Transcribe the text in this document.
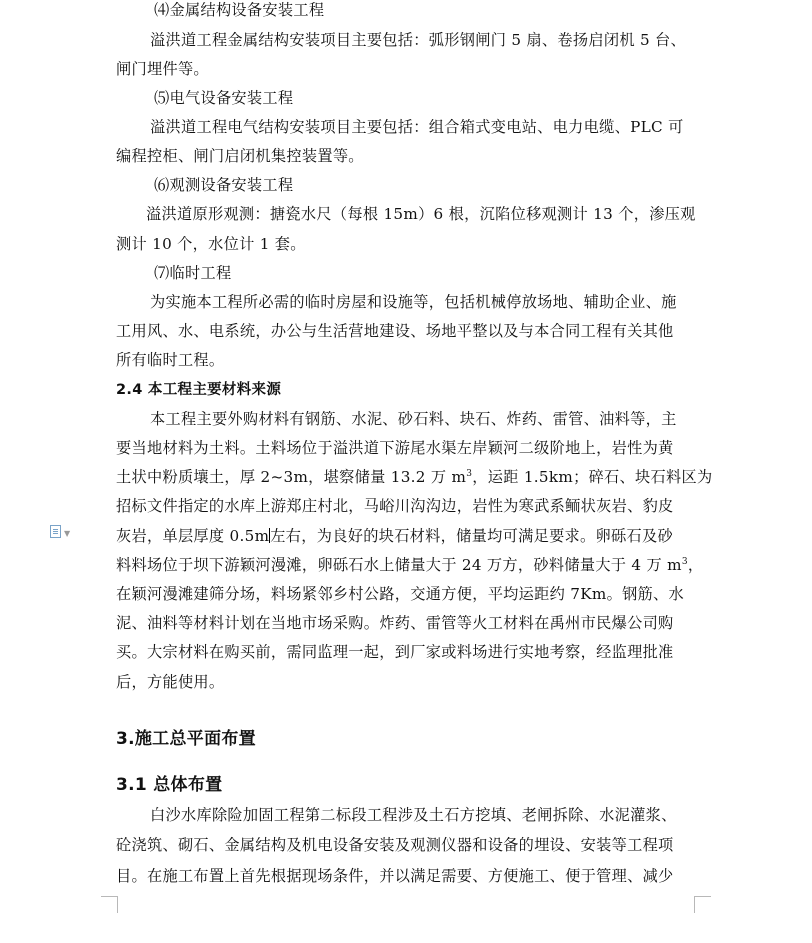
▼
⑷金属结构设备安装工程
溢洪道工程金属结构安装项目主要包括：弧形钢闸门 5 扇、卷扬启闭机 5 台、
闸门埋件等。
⑸电气设备安装工程
溢洪道工程电气结构安装项目主要包括：组合箱式变电站、电力电缆、PLC 可
编程控柜、闸门启闭机集控装置等。
⑹观测设备安装工程
溢洪道原形观测：搪瓷水尺（每根 15m）6 根，沉陷位移观测计 13 个，渗压观
测计 10 个，水位计 1 套。
⑺临时工程
为实施本工程所必需的临时房屋和设施等，包括机械停放场地、辅助企业、施
工用风、水、电系统，办公与生活营地建设、场地平整以及与本合同工程有关其他
所有临时工程。
2.4 本工程主要材料来源
本工程主要外购材料有钢筋、水泥、砂石料、块石、炸药、雷管、油料等，主
要当地材料为土料。土料场位于溢洪道下游尾水渠左岸颖河二级阶地上，岩性为黄
土状中粉质壤土，厚 2~3m，堪察储量 13.2 万 $m^3$，运距 1.5km；碎石、块石料区为
招标文件指定的水库上游郑庄村北，马峪川沟沟边，岩性为寒武系鲕状灰岩、豹皮
灰岩，单层厚度 0.5m左右，为良好的块石材料，储量均可满足要求。卵砾石及砂
料料场位于坝下游颖河漫滩，卵砾石水上储量大于 24 万方，砂料储量大于 4 万 $m^3$，
在颖河漫滩建筛分场，料场紧邻乡村公路，交通方便，平均运距约 7Km。钢筋、水
泥、油料等材料计划在当地市场采购。炸药、雷管等火工材料在禹州市民爆公司购
买。大宗材料在购买前，需同监理一起，到厂家或料场进行实地考察，经监理批准
后，方能使用。
3.施工总平面布置
3.1 总体布置
白沙水库除险加固工程第二标段工程涉及土石方挖填、老闸拆除、水泥灌浆、
砼浇筑、砌石、金属结构及机电设备安装及观测仪器和设备的埋设、安装等工程项
目。在施工布置上首先根据现场条件，并以满足需要、方便施工、便于管理、减少
